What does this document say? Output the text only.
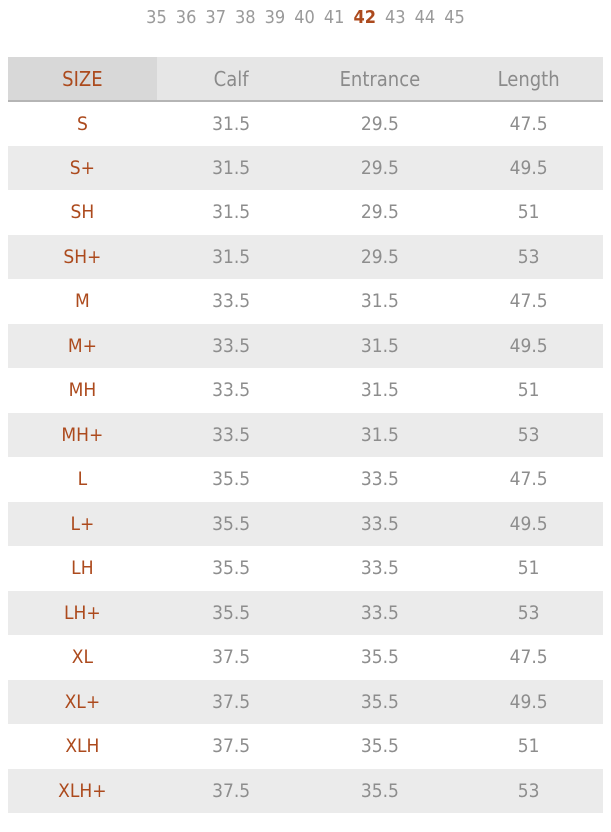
35 36 37 38 39 40 41 42 43 44 45
SIZE	Calf	Entrance	Length
S	31.5	29.5	47.5
S+	31.5	29.5	49.5
SH	31.5	29.5	51
SH+	31.5	29.5	53
M	33.5	31.5	47.5
M+	33.5	31.5	49.5
MH	33.5	31.5	51
MH+	33.5	31.5	53
L	35.5	33.5	47.5
L+	35.5	33.5	49.5
LH	35.5	33.5	51
LH+	35.5	33.5	53
XL	37.5	35.5	47.5
XL+	37.5	35.5	49.5
XLH	37.5	35.5	51
XLH+	37.5	35.5	53
